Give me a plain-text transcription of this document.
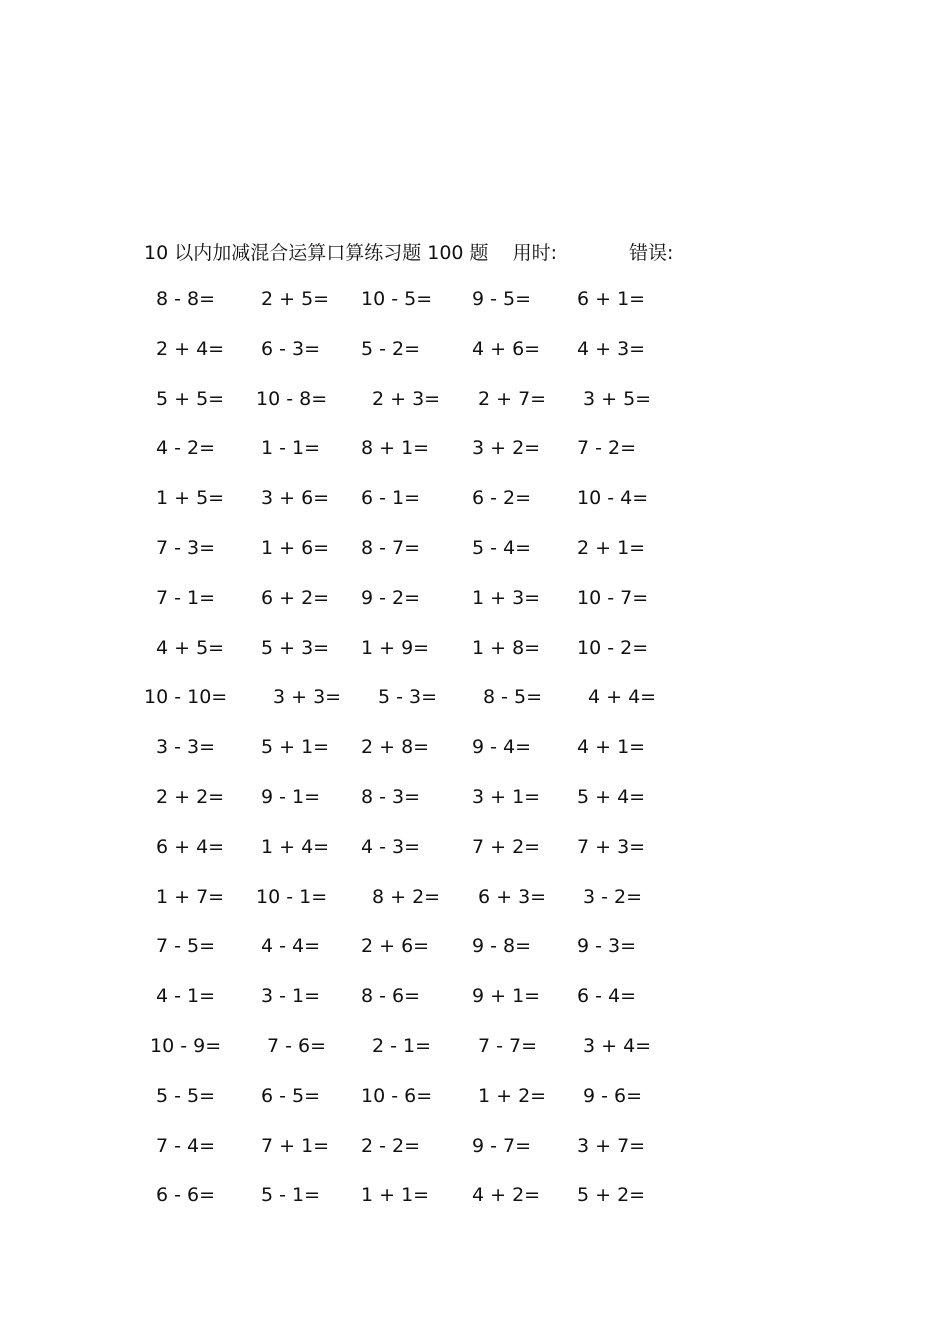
10 以内加减混合运算口算练习题 100 题 用时:	错误:
8 - 8= 2 + 5= 10 - 5= 9 - 5= 6 + 1=
2 + 4= 6 - 3= 5 - 2=	4 + 6= 4 + 3=
5 + 5= 10 - 8= 2 + 3= 2 + 7= 3 + 5=
4 - 2= 1 - 1= 8 + 1= 3 + 2= 7 - 2=
1 + 5= 3 + 6= 6 - 1=	6 - 2= 10 - 4=
7 - 3= 1 + 6= 8 - 7=	5 - 4= 2 + 1=
7 - 1= 6 + 2= 9 - 2=	1 + 3= 10 - 7=
4 + 5= 5 + 3= 1 + 9= 1 + 8= 10 - 2=
10 - 10= 3 + 3= 5 - 3= 8 - 5= 4 + 4=
3 - 3= 5 + 1= 2 + 8= 9 - 4= 4 + 1=
2 + 2= 9 - 1= 8 - 3=	3 + 1= 5 + 4=
6 + 4= 1 + 4= 4 - 3=	7 + 2= 7 + 3=
1 + 7= 10 - 1= 8 + 2= 6 + 3= 3 - 2=
7 - 5= 4 - 4= 2 + 6= 9 - 8= 9 - 3=
4 - 1= 3 - 1= 8 - 6=	9 + 1= 6 - 4=
10 - 9= 7 - 6= 2 - 1= 7 - 7= 3 + 4=
5 - 5= 6 - 5= 10 - 6= 1 + 2= 9 - 6=
7 - 4= 7 + 1= 2 - 2=	9 - 7= 3 + 7=
6 - 6= 5 - 1= 1 + 1= 4 + 2= 5 + 2=
